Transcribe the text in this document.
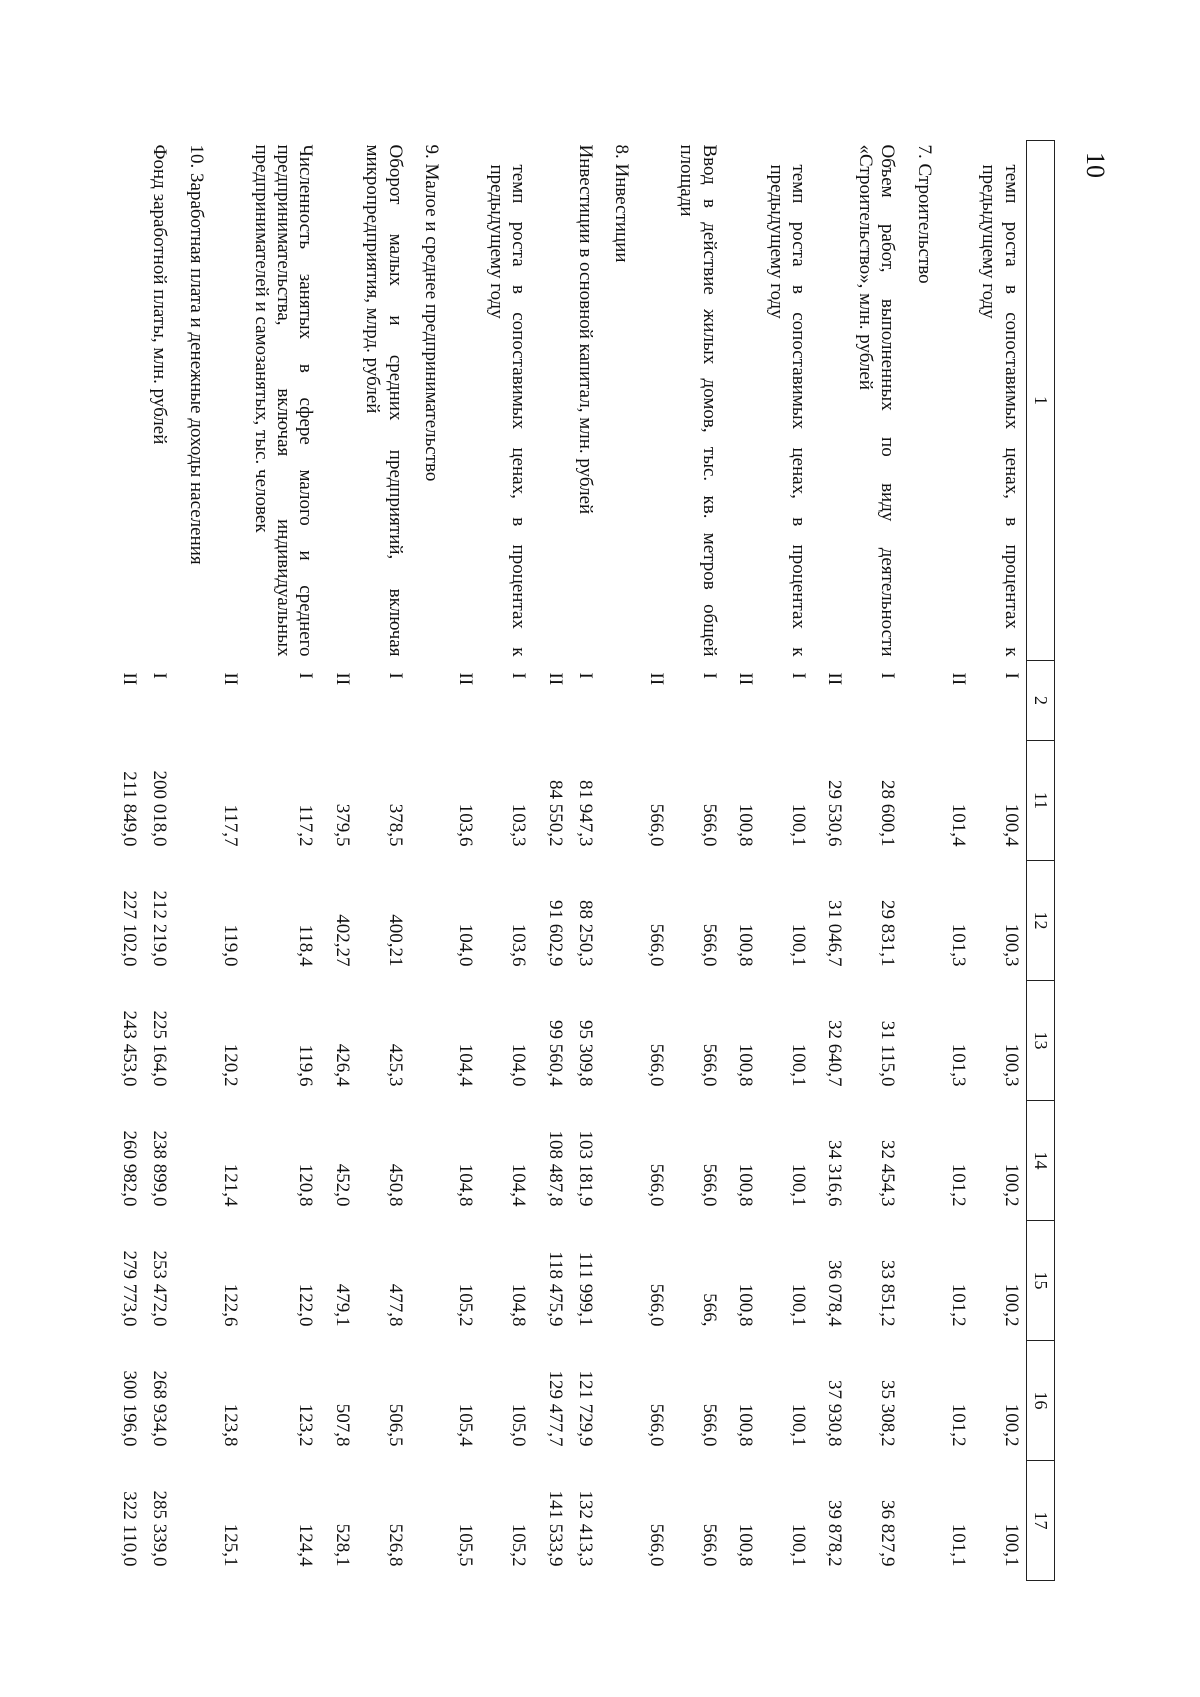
10
1	2	11	12	13	14	15	16	17
темп роста в сопоставимых ценах, в процентах к предыдущему году	I	100,4	100,3	100,3	100,2	100,2	100,2	100,1
	II	101,4	101,3	101,3	101,2	101,2	101,2	101,1
7. Строительство								
Объем работ, выполненных по виду деятельности «Строительство», млн. рублей	I	28 600,1	29 831,1	31 115,0	32 454,3	33 851,2	35 308,2	36 827,9
	II	29 530,6	31 046,7	32 640,7	34 316,6	36 078,4	37 930,8	39 878,2
темп роста в сопоставимых ценах, в процентах к предыдущему году	I	100,1	100,1	100,1	100,1	100,1	100,1	100,1
	II	100,8	100,8	100,8	100,8	100,8	100,8	100,8
Ввод в действие жилых домов, тыс. кв. метров общей площади	I	566,0	566,0	566,0	566,0	566,	566,0	566,0
	II	566,0	566,0	566,0	566,0	566,0	566,0	566,0
8. Инвестиции								
Инвестиции в основной капитал, млн. рублей	I	81 947,3	88 250,3	95 309,8	103 181,9	111 999,1	121 729,9	132 413,3
	II	84 550,2	91 602,9	99 560,4	108 487,8	118 475,9	129 477,7	141 533,9
темп роста в сопоставимых ценах, в процентах к предыдущему году	I	103,3	103,6	104,0	104,4	104,8	105,0	105,2
	II	103,6	104,0	104,4	104,8	105,2	105,4	105,5
9. Малое и среднее предпринимательство								
Оборот малых и средних предприятий, включая микропредприятия, млрд. рублей	I	378,5	400,21	425,3	450,8	477,8	506,5	526,8
	II	379,5	402,27	426,4	452,0	479,1	507,8	528,1
Численность занятых в сфере малого и среднего предпринимательства, включая индивидуальных предпринимателей и самозанятых, тыс. человек	I	117,2	118,4	119,6	120,8	122,0	123,2	124,4
	II	117,7	119,0	120,2	121,4	122,6	123,8	125,1
10. Заработная плата и денежные доходы населения								
Фонд заработной платы, млн. рублей	I	200 018,0	212 219,0	225 164,0	238 899,0	253 472,0	268 934,0	285 339,0
	II	211 849,0	227 102,0	243 453,0	260 982,0	279 773,0	300 196,0	322 110,0
